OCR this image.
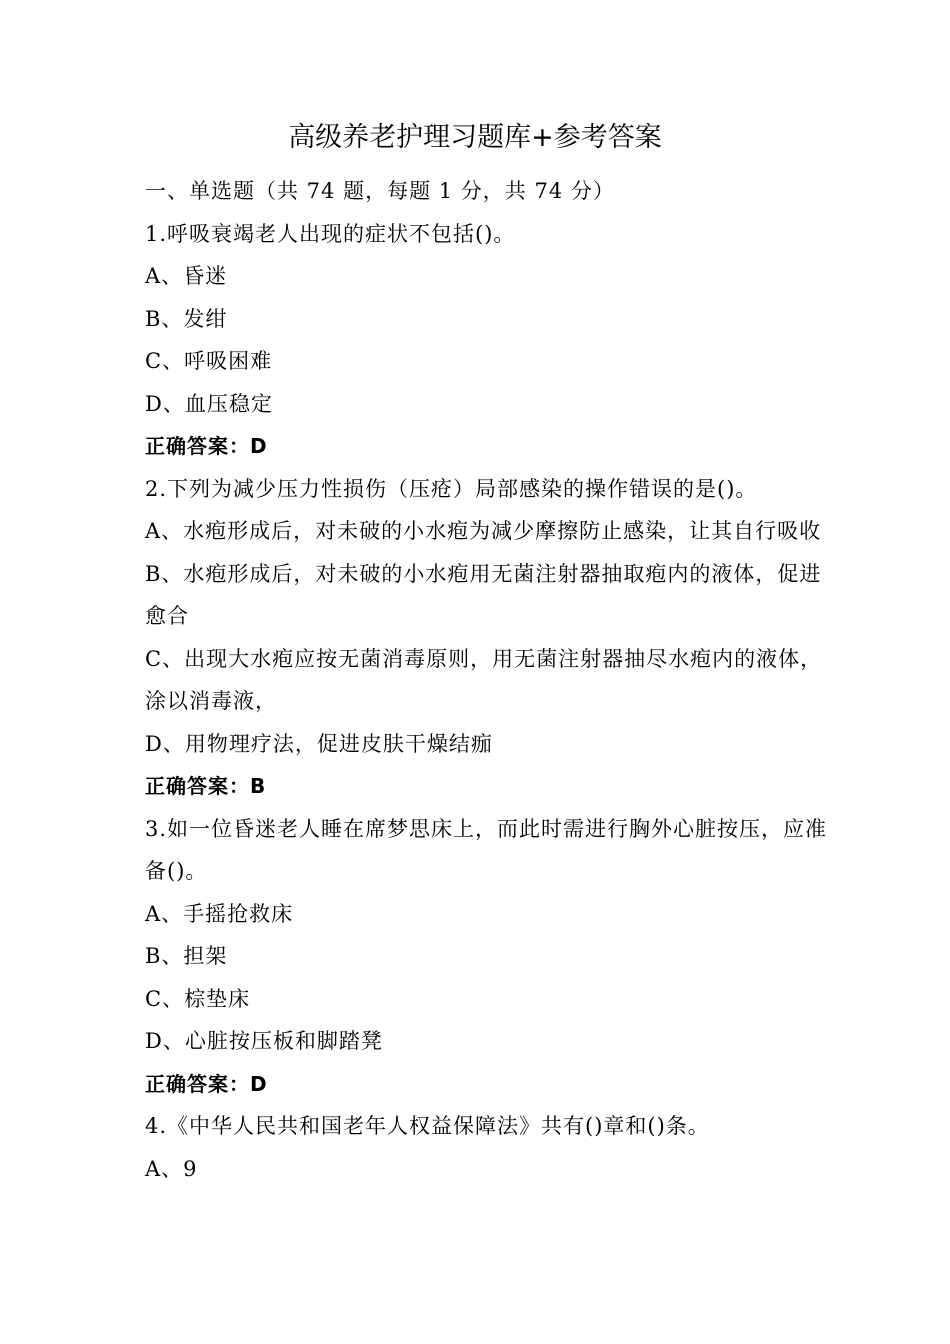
高级养老护理习题库+参考答案

一、单选题（共 74 题，每题 1 分，共 74 分）

1.呼吸衰竭老人出现的症状不包括()。

A、昏迷

B、发绀

C、呼吸困难

D、血压稳定

正确答案：D

2.下列为减少压力性损伤（压疮）局部感染的操作错误的是()。

A、水疱形成后，对未破的小水疱为减少摩擦防止感染，让其自行吸收

B、水疱形成后，对未破的小水疱用无菌注射器抽取疱内的液体，促进愈合

C、出现大水疱应按无菌消毒原则，用无菌注射器抽尽水疱内的液体，涂以消毒液，

D、用物理疗法，促进皮肤干燥结痂

正确答案：B

3.如一位昏迷老人睡在席梦思床上，而此时需进行胸外心脏按压，应准备()。

A、手摇抢救床

B、担架

C、棕垫床

D、心脏按压板和脚踏凳

正确答案：D

4.《中华人民共和国老年人权益保障法》共有()章和()条。

A、9
